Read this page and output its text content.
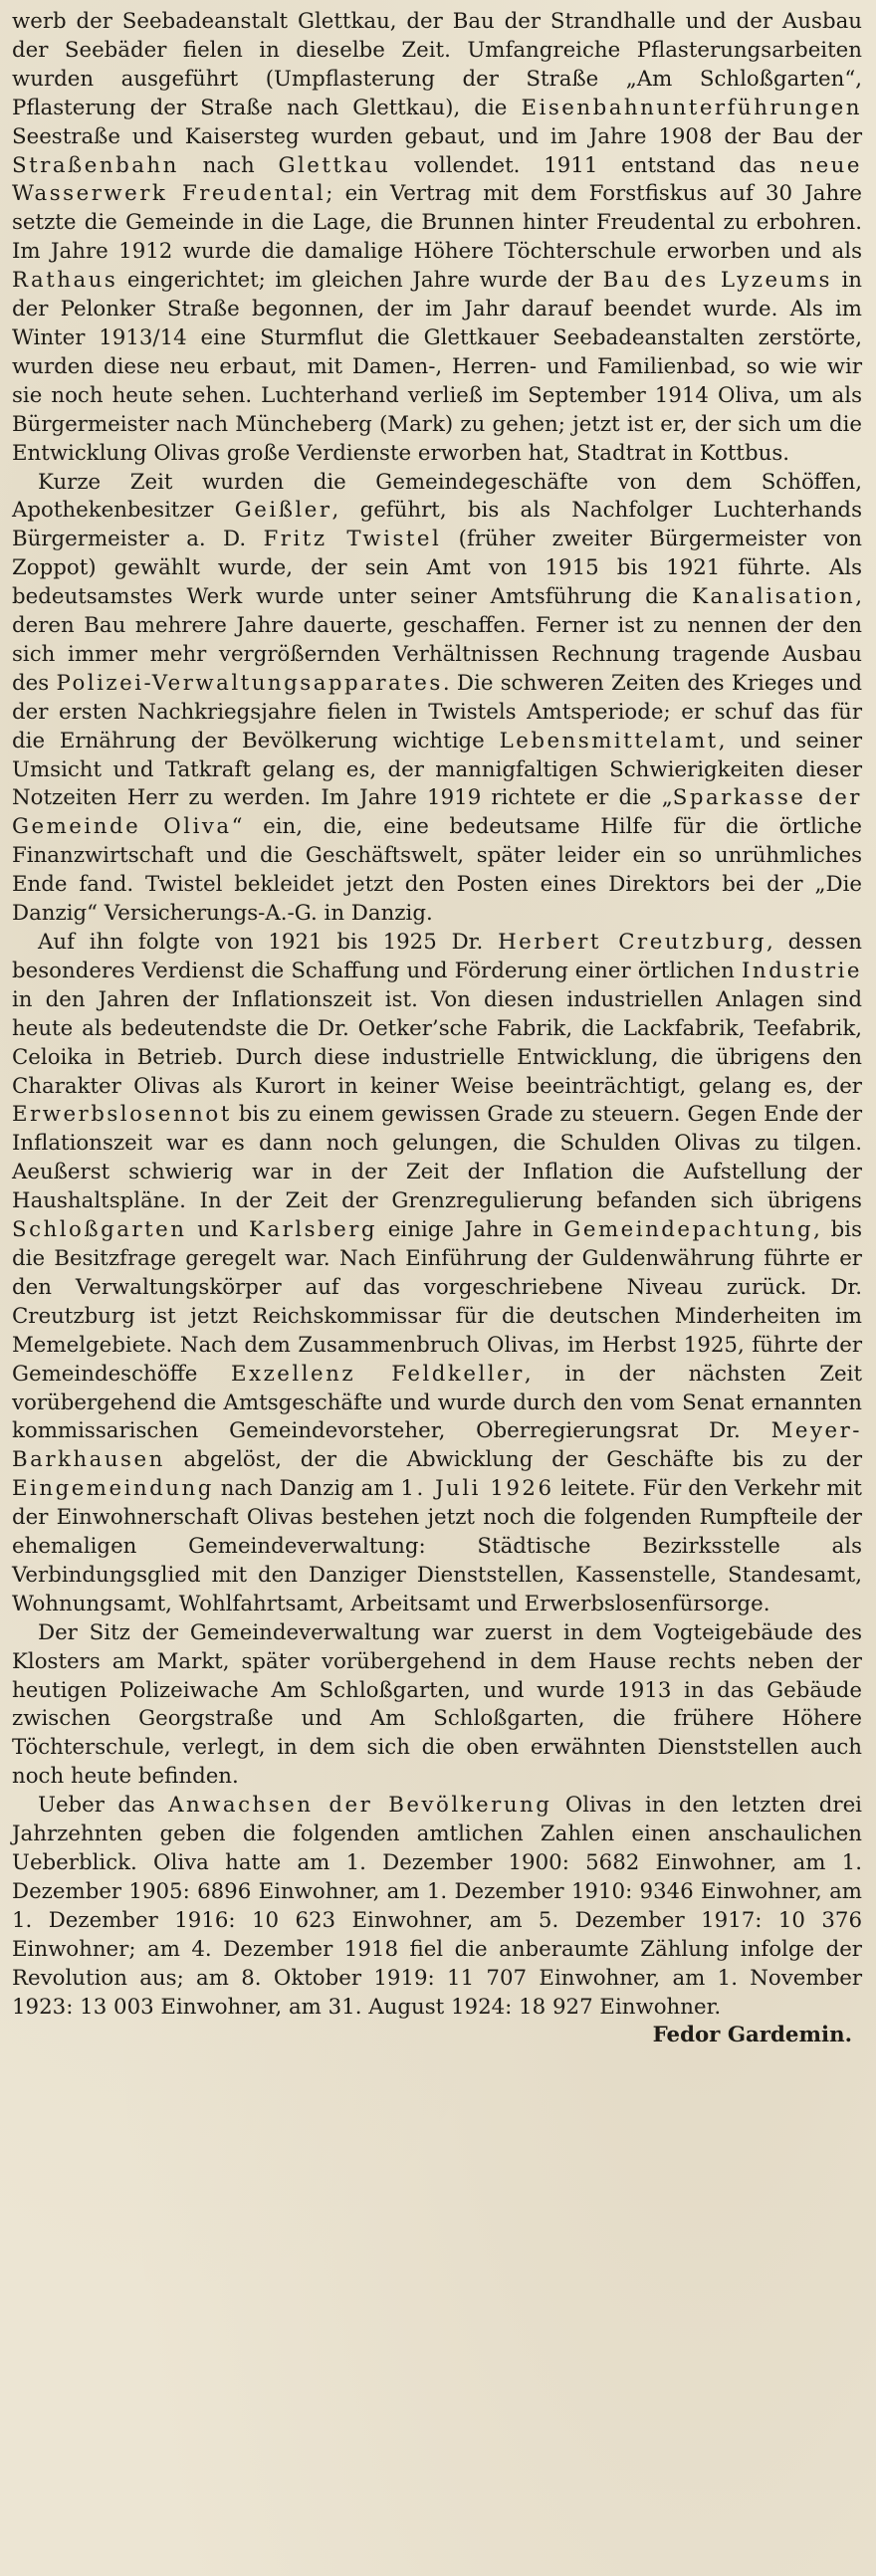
werb der Seebadeanstalt Glettkau, der Bau der Strandhalle und der Ausbau der Seebäder fielen in dieselbe Zeit. Umfangreiche Pflasterungsarbeiten wurden ausgeführt (Umpflasterung der Straße „Am Schloßgarten“, Pflasterung der Straße nach Glettkau), die Eisenbahnunterführungen Seestraße und Kaisersteg wurden gebaut, und im Jahre 1908 der Bau der Straßenbahn nach Glettkau vollendet. 1911 entstand das neue Wasserwerk Freudental; ein Vertrag mit dem Forstfiskus auf 30 Jahre setzte die Gemeinde in die Lage, die Brunnen hinter Freudental zu erbohren. Im Jahre 1912 wurde die damalige Höhere Töchterschule erworben und als Rathaus eingerichtet; im gleichen Jahre wurde der Bau des Lyzeums in der Pelonker Straße begonnen, der im Jahr darauf beendet wurde. Als im Winter 1913/14 eine Sturmflut die Glettkauer Seebadeanstalten zerstörte, wurden diese neu erbaut, mit Damen-, Herren- und Familienbad, so wie wir sie noch heute sehen. Luchterhand verließ im September 1914 Oliva, um als Bürgermeister nach Müncheberg (Mark) zu gehen; jetzt ist er, der sich um die Entwicklung Olivas große Verdienste erworben hat, Stadtrat in Kottbus.

Kurze Zeit wurden die Gemeindegeschäfte von dem Schöffen, Apothekenbesitzer Geißler, geführt, bis als Nachfolger Luchterhands Bürgermeister a. D. Fritz Twistel (früher zweiter Bürgermeister von Zoppot) gewählt wurde, der sein Amt von 1915 bis 1921 führte. Als bedeutsamstes Werk wurde unter seiner Amtsführung die Kanalisation, deren Bau mehrere Jahre dauerte, geschaffen. Ferner ist zu nennen der den sich immer mehr vergrößernden Verhältnissen Rechnung tragende Ausbau des Polizei-Verwaltungsapparates. Die schweren Zeiten des Krieges und der ersten Nachkriegsjahre fielen in Twistels Amtsperiode; er schuf das für die Ernährung der Bevölkerung wichtige Lebensmittelamt, und seiner Umsicht und Tatkraft gelang es, der mannigfaltigen Schwierigkeiten dieser Notzeiten Herr zu werden. Im Jahre 1919 richtete er die „Sparkasse der Gemeinde Oliva“ ein, die, eine bedeutsame Hilfe für die örtliche Finanzwirtschaft und die Geschäftswelt, später leider ein so unrühmliches Ende fand. Twistel bekleidet jetzt den Posten eines Direktors bei der „Die Danzig“ Versicherungs-A.-G. in Danzig.

Auf ihn folgte von 1921 bis 1925 Dr. Herbert Creutzburg, dessen besonderes Verdienst die Schaffung und Förderung einer örtlichen Industrie in den Jahren der Inflationszeit ist. Von diesen industriellen Anlagen sind heute als bedeutendste die Dr. Oetker’sche Fabrik, die Lackfabrik, Teefabrik, Celoika in Betrieb. Durch diese industrielle Entwicklung, die übrigens den Charakter Olivas als Kurort in keiner Weise beeinträchtigt, gelang es, der Erwerbslosennot bis zu einem gewissen Grade zu steuern. Gegen Ende der Inflationszeit war es dann noch gelungen, die Schulden Olivas zu tilgen. Aeußerst schwierig war in der Zeit der Inflation die Aufstellung der Haushaltspläne. In der Zeit der Grenzregulierung befanden sich übrigens Schloßgarten und Karlsberg einige Jahre in Gemeindepachtung, bis die Besitzfrage geregelt war. Nach Einführung der Guldenwährung führte er den Verwaltungskörper auf das vorgeschriebene Niveau zurück. Dr. Creutzburg ist jetzt Reichskommissar für die deutschen Minderheiten im Memelgebiete. Nach dem Zusammenbruch Olivas, im Herbst 1925, führte der Gemeindeschöffe Exzellenz Feldkeller, in der nächsten Zeit vorübergehend die Amtsgeschäfte und wurde durch den vom Senat ernannten kommissarischen Gemeindevorsteher, Oberregierungsrat Dr. Meyer-Barkhausen abgelöst, der die Abwicklung der Geschäfte bis zu der Eingemeindung nach Danzig am 1. Juli 1926 leitete. Für den Verkehr mit der Einwohnerschaft Olivas bestehen jetzt noch die folgenden Rumpfteile der ehemaligen Gemeindeverwaltung: Städtische Bezirksstelle als Verbindungsglied mit den Danziger Dienststellen, Kassenstelle, Standesamt, Wohnungsamt, Wohlfahrtsamt, Arbeitsamt und Erwerbslosenfürsorge.

Der Sitz der Gemeindeverwaltung war zuerst in dem Vogteigebäude des Klosters am Markt, später vorübergehend in dem Hause rechts neben der heutigen Polizeiwache Am Schloßgarten, und wurde 1913 in das Gebäude zwischen Georgstraße und Am Schloßgarten, die frühere Höhere Töchterschule, verlegt, in dem sich die oben erwähnten Dienststellen auch noch heute befinden.

Ueber das Anwachsen der Bevölkerung Olivas in den letzten drei Jahrzehnten geben die folgenden amtlichen Zahlen einen anschaulichen Ueberblick. Oliva hatte am 1. Dezember 1900: 5682 Einwohner, am 1. Dezember 1905: 6896 Einwohner, am 1. Dezember 1910: 9346 Einwohner, am 1. Dezember 1916: 10 623 Einwohner, am 5. Dezember 1917: 10 376 Einwohner; am 4. Dezember 1918 fiel die anberaumte Zählung infolge der Revolution aus; am 8. Oktober 1919: 11 707 Einwohner, am 1. November 1923: 13 003 Einwohner, am 31. August 1924: 18 927 Einwohner.

Fedor Gardemin.
